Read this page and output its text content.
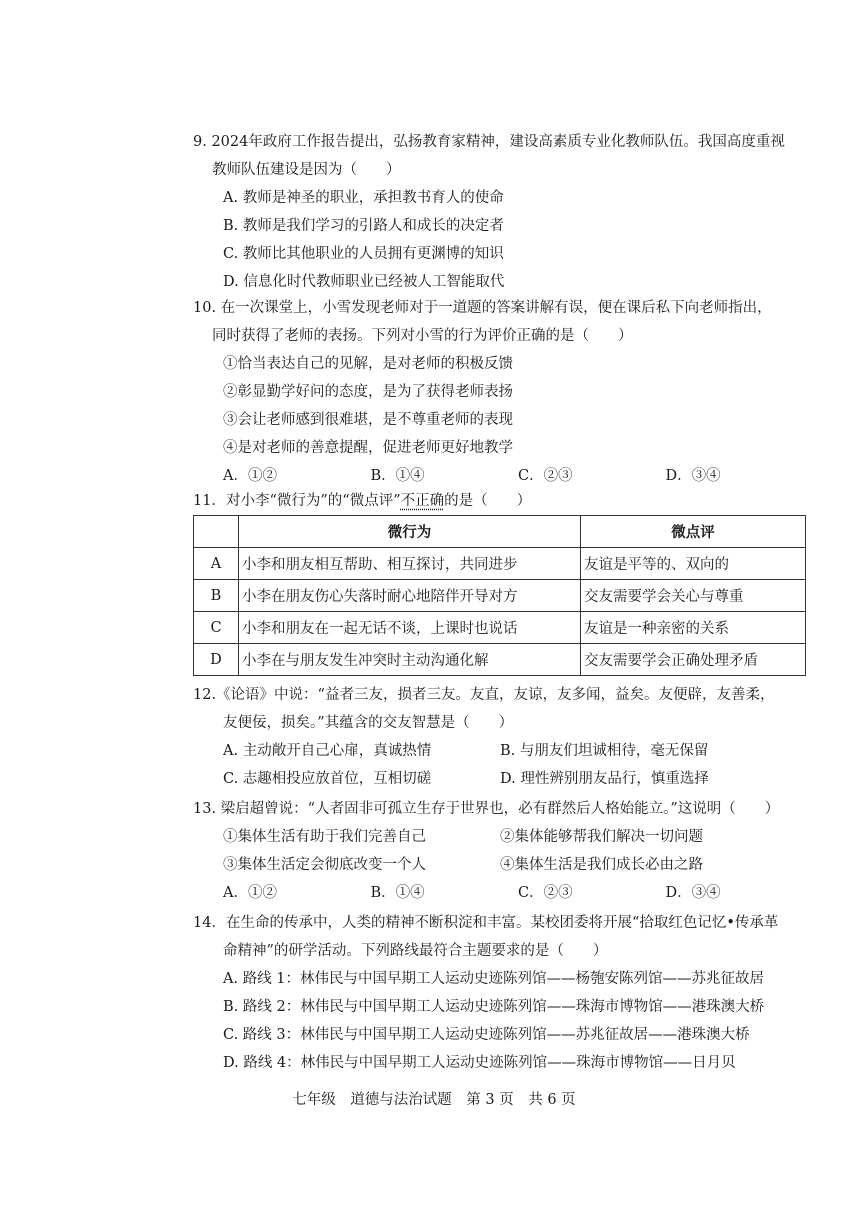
9. 2024年政府工作报告提出，弘扬教育家精神，建设高素质专业化教师队伍。我国高度重视
教师队伍建设是因为（　　）
A. 教师是神圣的职业，承担教书育人的使命
B. 教师是我们学习的引路人和成长的决定者
C. 教师比其他职业的人员拥有更渊博的知识
D. 信息化时代教师职业已经被人工智能取代
10. 在一次课堂上，小雪发现老师对于一道题的答案讲解有误，便在课后私下向老师指出，
同时获得了老师的表扬。下列对小雪的行为评价正确的是（　　）
①恰当表达自己的见解，是对老师的积极反馈
②彰显勤学好问的态度，是为了获得老师表扬
③会让老师感到很难堪，是不尊重老师的表现
④是对老师的善意提醒，促进老师更好地教学
A．①②	B．①④	C．②③	D．③④
11．对小李“微行为”的“微点评”不正确的是（　　）
	微行为	微点评
A	小李和朋友相互帮助、相互探讨，共同进步	友谊是平等的、双向的
B	小李在朋友伤心失落时耐心地陪伴开导对方	交友需要学会关心与尊重
C	小李和朋友在一起无话不谈，上课时也说话	友谊是一种亲密的关系
D	小李在与朋友发生冲突时主动沟通化解	交友需要学会正确处理矛盾
12.《论语》中说：“益者三友，损者三友。友直，友谅，友多闻，益矣。友便辟，友善柔，
友便佞，损矣。”其蕴含的交友智慧是（　　）
A. 主动敞开自己心扉，真诚热情	B. 与朋友们坦诚相待，毫无保留
C. 志趣相投应放首位，互相切磋	D. 理性辨别朋友品行，慎重选择
13. 梁启超曾说：“人者固非可孤立生存于世界也，必有群然后人格始能立。”这说明（　　）
①集体生活有助于我们完善自己	②集体能够帮我们解决一切问题
③集体生活定会彻底改变一个人	④集体生活是我们成长必由之路
A．①②	B．①④	C．②③	D．③④
14．在生命的传承中，人类的精神不断积淀和丰富。某校团委将开展“拾取红色记忆•传承革
命精神”的研学活动。下列路线最符合主题要求的是（　　）
A. 路线 1：林伟民与中国早期工人运动史迹陈列馆——杨匏安陈列馆——苏兆征故居
B. 路线 2：林伟民与中国早期工人运动史迹陈列馆——珠海市博物馆——港珠澳大桥
C. 路线 3：林伟民与中国早期工人运动史迹陈列馆——苏兆征故居——港珠澳大桥
D. 路线 4：林伟民与中国早期工人运动史迹陈列馆——珠海市博物馆——日月贝
七年级　道德与法治试题　第 3 页　共 6 页
